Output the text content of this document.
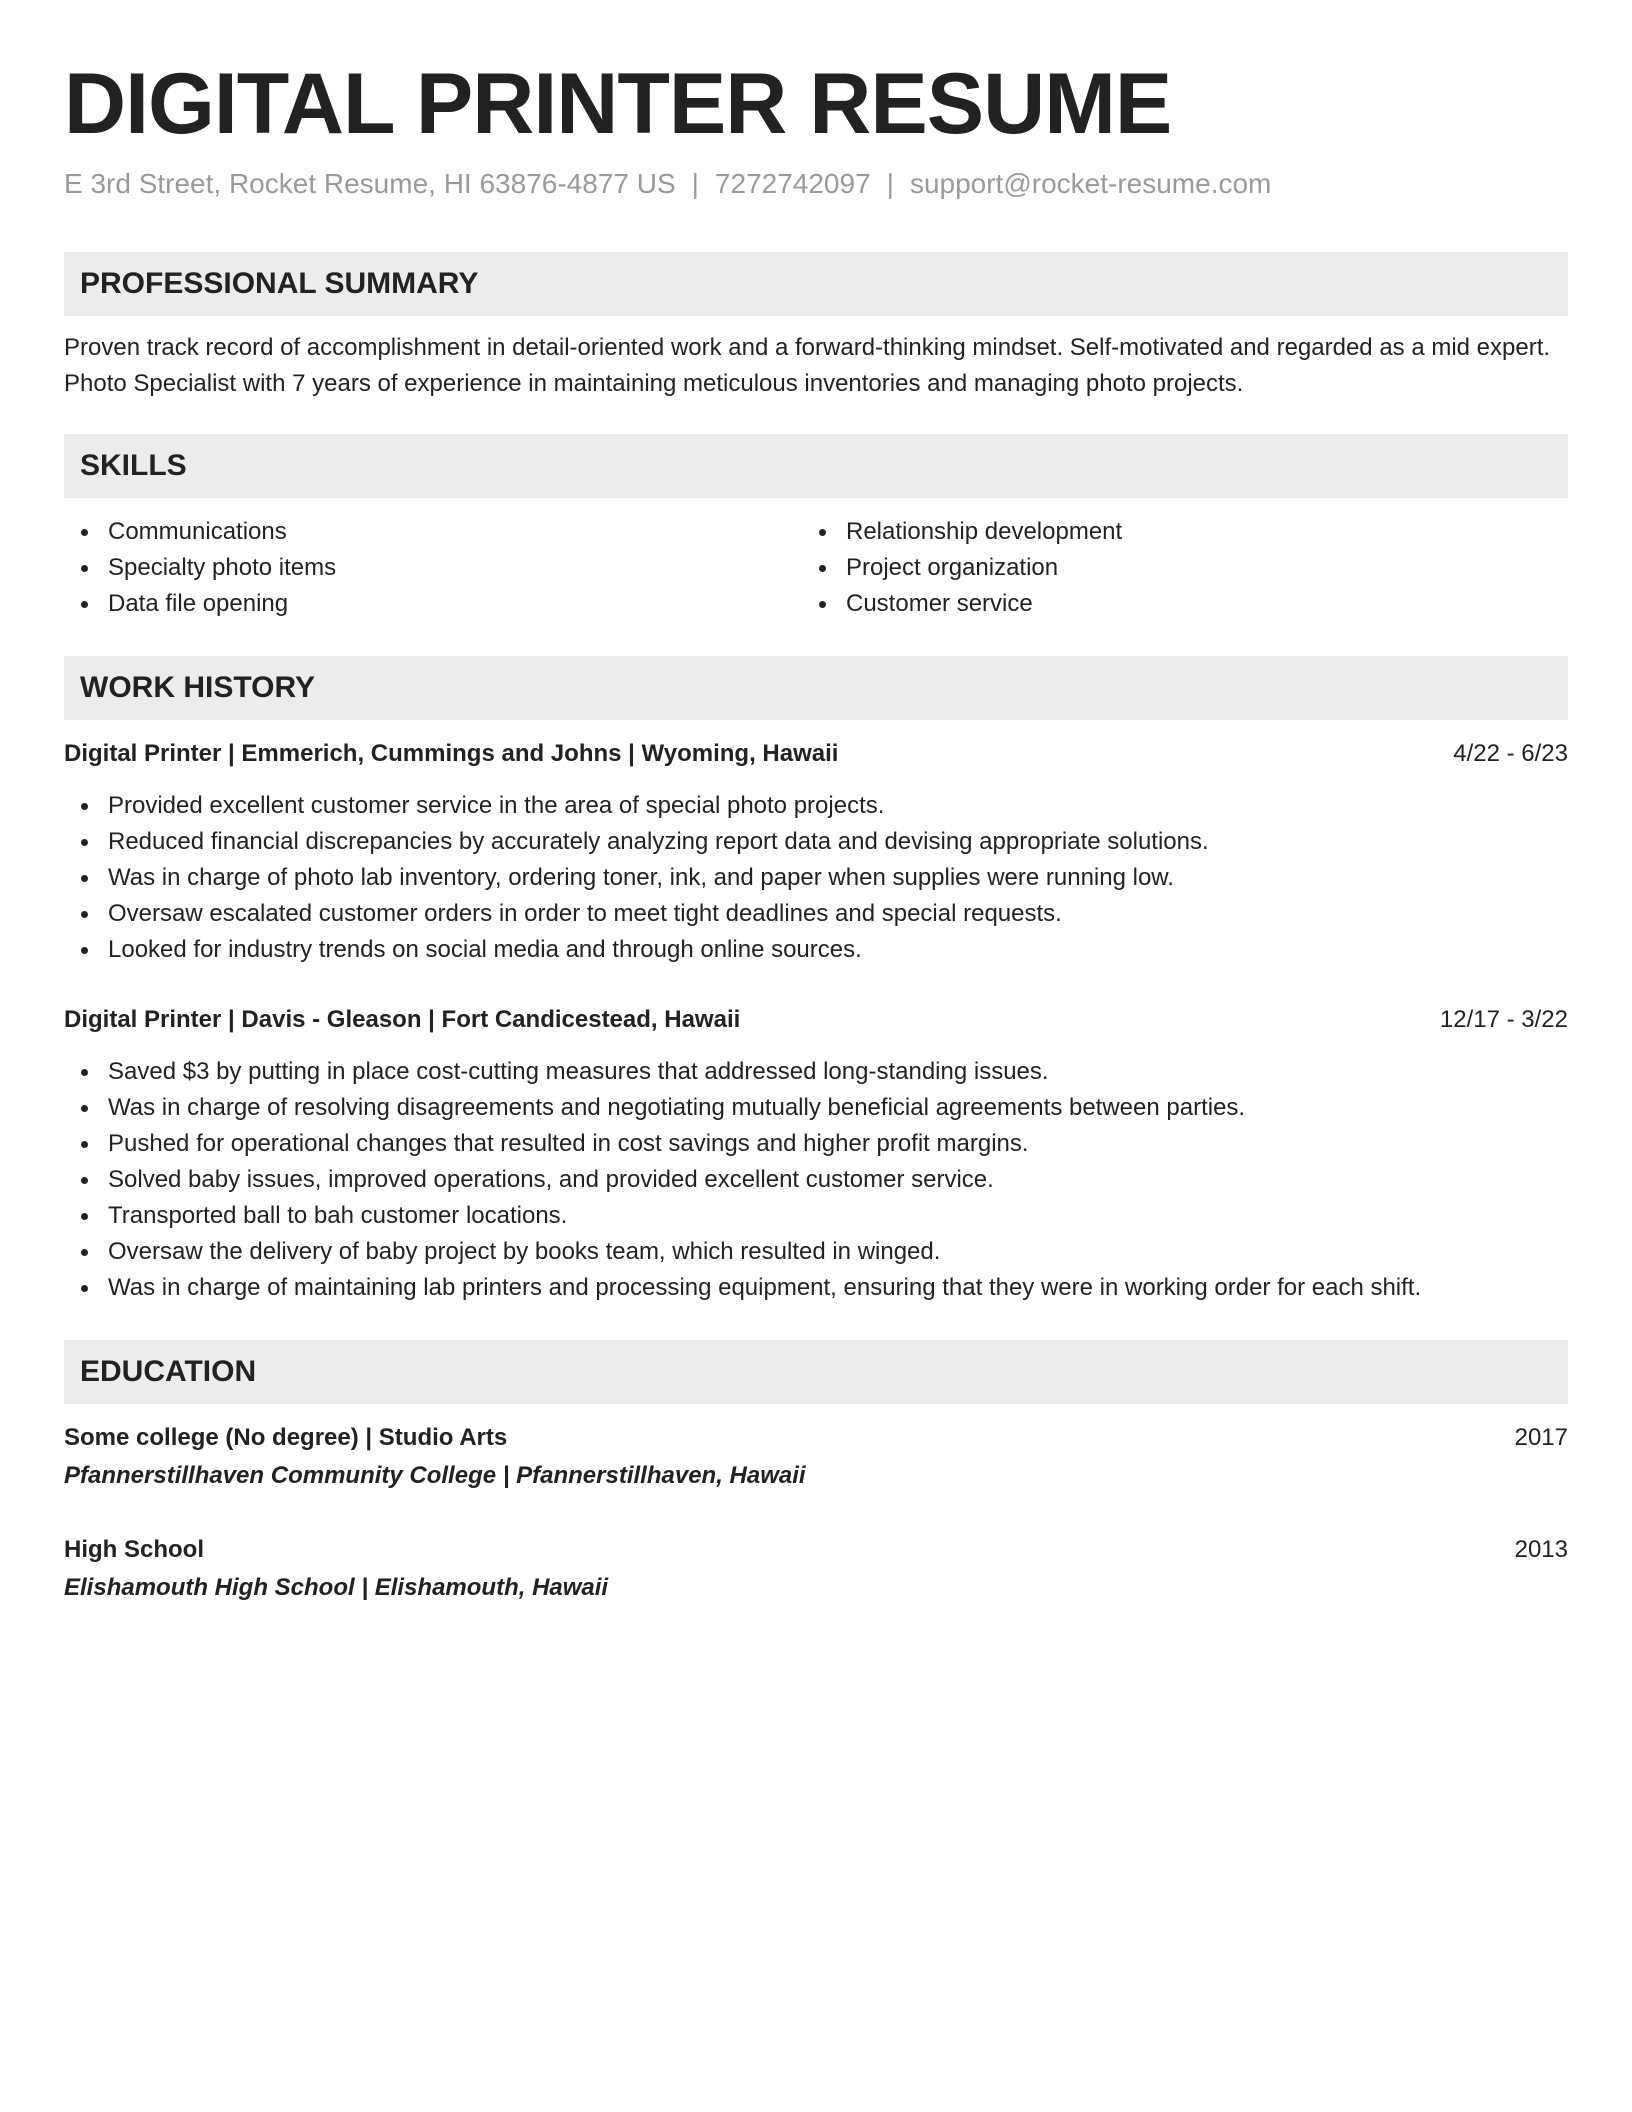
DIGITAL PRINTER RESUME
E 3rd Street, Rocket Resume, HI 63876-4877 US | 7272742097 | support@rocket-resume.com
PROFESSIONAL SUMMARY
Proven track record of accomplishment in detail-oriented work and a forward-thinking mindset. Self-motivated and regarded as a mid expert. Photo Specialist with 7 years of experience in maintaining meticulous inventories and managing photo projects.
SKILLS
Communications
Specialty photo items
Data file opening
Relationship development
Project organization
Customer service
WORK HISTORY
Digital Printer | Emmerich, Cummings and Johns | Wyoming, Hawaii	4/22 - 6/23
Provided excellent customer service in the area of special photo projects.
Reduced financial discrepancies by accurately analyzing report data and devising appropriate solutions.
Was in charge of photo lab inventory, ordering toner, ink, and paper when supplies were running low.
Oversaw escalated customer orders in order to meet tight deadlines and special requests.
Looked for industry trends on social media and through online sources.
Digital Printer | Davis - Gleason | Fort Candicestead, Hawaii	12/17 - 3/22
Saved $3 by putting in place cost-cutting measures that addressed long-standing issues.
Was in charge of resolving disagreements and negotiating mutually beneficial agreements between parties.
Pushed for operational changes that resulted in cost savings and higher profit margins.
Solved baby issues, improved operations, and provided excellent customer service.
Transported ball to bah customer locations.
Oversaw the delivery of baby project by books team, which resulted in winged.
Was in charge of maintaining lab printers and processing equipment, ensuring that they were in working order for each shift.
EDUCATION
Some college (No degree) | Studio Arts	2017
Pfannerstillhaven Community College | Pfannerstillhaven, Hawaii
High School	2013
Elishamouth High School | Elishamouth, Hawaii
